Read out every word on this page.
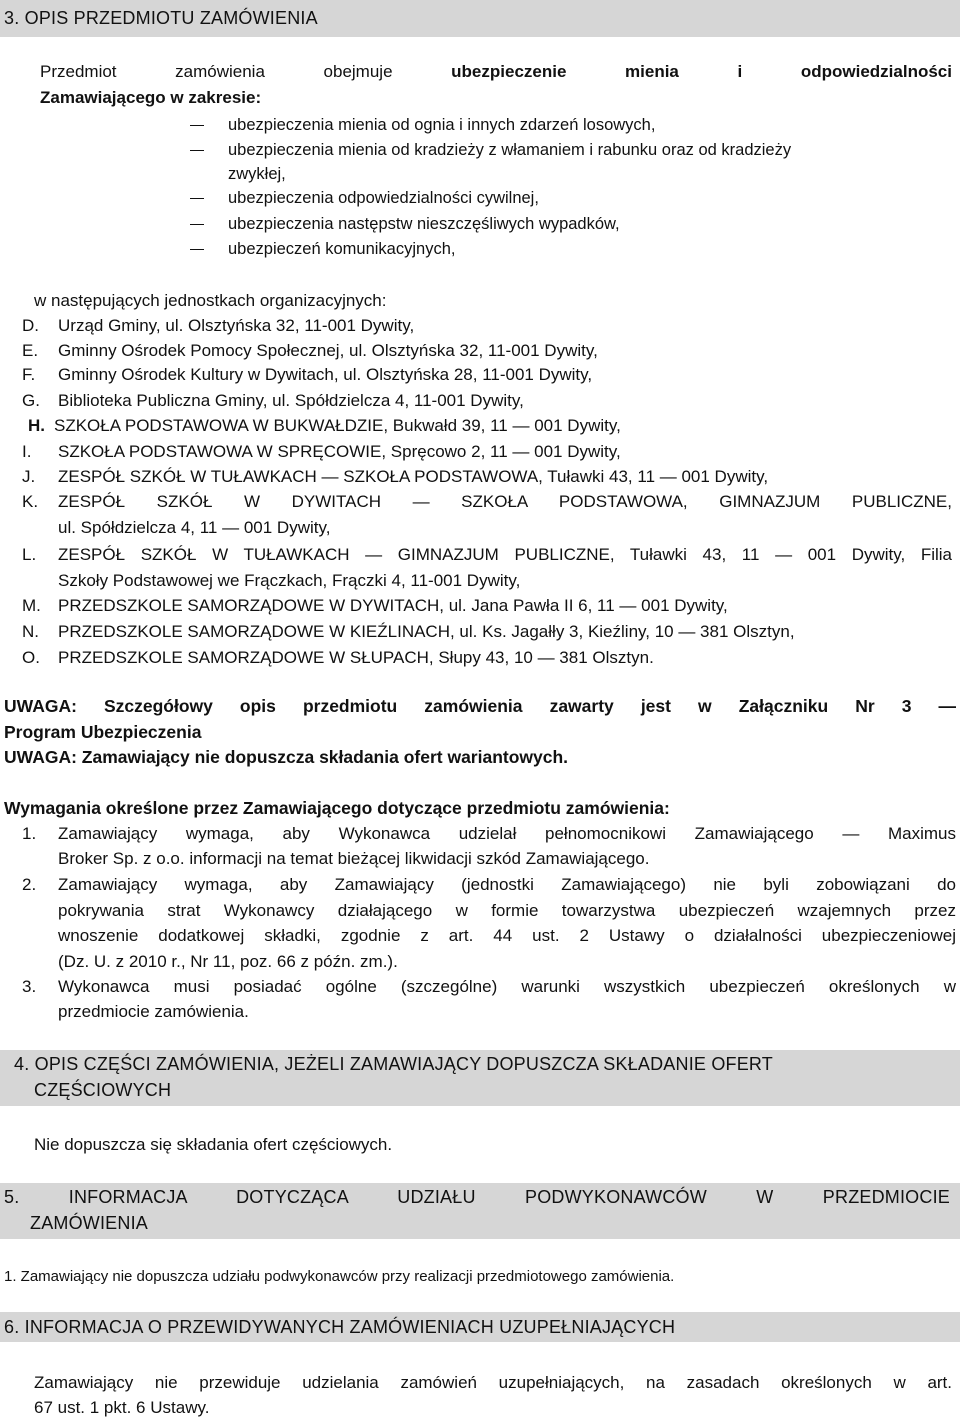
3. OPIS PRZEDMIOTU ZAMÓWIENIA
Przedmiot zamówienia obejmuje	ubezpieczenie mienia i odpowiedzialności
Zamawiającego w zakresie:
ubezpieczenia mienia od ognia i innych zdarzeń losowych,
ubezpieczenia mienia od kradzieży z włamaniem i rabunku oraz od kradzieży
zwykłej,
ubezpieczenia odpowiedzialności cywilnej,
ubezpieczenia następstw nieszczęśliwych wypadków,
ubezpieczeń komunikacyjnych,
w następujących jednostkach organizacyjnych:
D. Urząd Gminy, ul. Olsztyńska 32, 11-001 Dywity,
E. Gminny Ośrodek Pomocy Społecznej, ul. Olsztyńska 32, 11-001 Dywity,
F. Gminny Ośrodek Kultury w Dywitach, ul. Olsztyńska 28, 11-001 Dywity,
G. Biblioteka Publiczna Gminy, ul. Spółdzielcza 4, 11-001 Dywity,
H. SZKOŁA PODSTAWOWA W BUKWAŁDZIE, Bukwałd 39, 11 — 001 Dywity,
I. SZKOŁA PODSTAWOWA W SPRĘCOWIE, Spręcowo 2, 11 — 001 Dywity,
J. ZESPÓŁ SZKÓŁ W TUŁAWKACH — SZKOŁA PODSTAWOWA, Tuławki 43, 11 — 001 Dywity,
K.	ZESPÓŁ SZKÓŁ W DYWITACH — SZKOŁA PODSTAWOWA, GIMNAZJUM PUBLICZNE,
ul. Spółdzielcza 4, 11 — 001 Dywity,
L.	ZESPÓŁ SZKÓŁ W TUŁAWKACH — GIMNAZJUM PUBLICZNE, Tuławki 43, 11 — 001 Dywity, Filia
Szkoły Podstawowej we Frączkach, Frączki 4, 11-001 Dywity,
M. PRZEDSZKOLE SAMORZĄDOWE W DYWITACH, ul. Jana Pawła II 6, 11 — 001 Dywity,
N. PRZEDSZKOLE SAMORZĄDOWE W KIEŹLINACH, ul. Ks. Jagałły 3, Kieźliny, 10 — 381 Olsztyn,
O. PRZEDSZKOLE SAMORZĄDOWE W SŁUPACH, Słupy 43, 10 — 381 Olsztyn.
UWAGA: Szczegółowy opis przedmiotu zamówienia zawarty jest w Załączniku Nr 3 —
Program Ubezpieczenia
UWAGA: Zamawiający nie dopuszcza składania ofert wariantowych.
Wymagania określone przez Zamawiającego dotyczące przedmiotu zamówienia:
1. Zamawiający wymaga, aby Wykonawca udzielał pełnomocnikowi Zamawiającego — Maximus
Broker Sp. z o.o. informacji na temat bieżącej likwidacji szkód Zamawiającego.
2. Zamawiający wymaga, aby Zamawiający (jednostki Zamawiającego) nie byli zobowiązani do
pokrywania strat Wykonawcy działającego w formie towarzystwa ubezpieczeń wzajemnych przez
wnoszenie dodatkowej składki, zgodnie z art. 44 ust. 2 Ustawy o działalności ubezpieczeniowej
(Dz. U. z 2010 r., Nr 11, poz. 66 z późn. zm.).
3. Wykonawca musi posiadać ogólne (szczególne) warunki wszystkich ubezpieczeń określonych w
przedmiocie zamówienia.
4. OPIS CZĘŚCI ZAMÓWIENIA, JEŻELI ZAMAWIAJĄCY DOPUSZCZA SKŁADANIE OFERT
CZĘŚCIOWYCH
Nie dopuszcza się składania ofert częściowych.
5. INFORMACJA DOTYCZĄCA UDZIAŁU PODWYKONAWCÓW W PRZEDMIOCIE
ZAMÓWIENIA
1. Zamawiający nie dopuszcza udziału podwykonawców przy realizacji przedmiotowego zamówienia.
6. INFORMACJA O PRZEWIDYWANYCH ZAMÓWIENIACH UZUPEŁNIAJĄCYCH
Zamawiający nie przewiduje udzielania zamówień uzupełniających, na zasadach określonych w art.
67 ust. 1 pkt. 6 Ustawy.
